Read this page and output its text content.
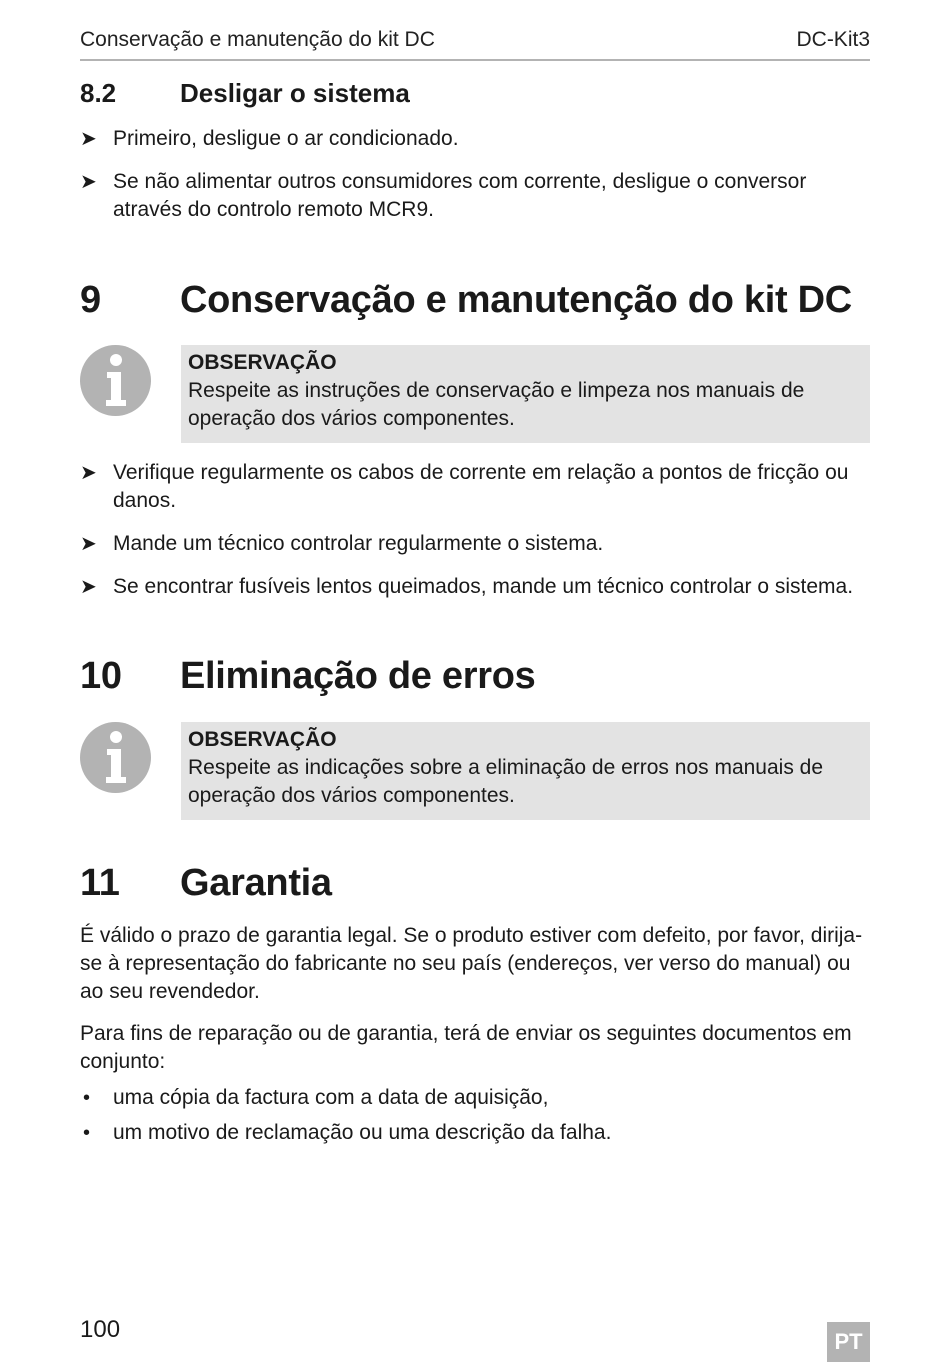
Conservação e manutenção do kit DC	DC-Kit3
8.2 Desligar o sistema
➤ Primeiro, desligue o ar condicionado.
➤ Se não alimentar outros consumidores com corrente, desligue o conversor através do controlo remoto MCR9.
9 Conservação e manutenção do kit DC
OBSERVAÇÃO
Respeite as instruções de conservação e limpeza nos manuais de operação dos vários componentes.
➤ Verifique regularmente os cabos de corrente em relação a pontos de fricção ou danos.
➤ Mande um técnico controlar regularmente o sistema.
➤ Se encontrar fusíveis lentos queimados, mande um técnico controlar o sistema.
10 Eliminação de erros
OBSERVAÇÃO
Respeite as indicações sobre a eliminação de erros nos manuais de operação dos vários componentes.
11 Garantia
É válido o prazo de garantia legal. Se o produto estiver com defeito, por favor, dirija-se à representação do fabricante no seu país (endereços, ver verso do manual) ou ao seu revendedor.
Para fins de reparação ou de garantia, terá de enviar os seguintes documentos em conjunto:
• uma cópia da factura com a data de aquisição,
• um motivo de reclamação ou uma descrição da falha.
100	PT
